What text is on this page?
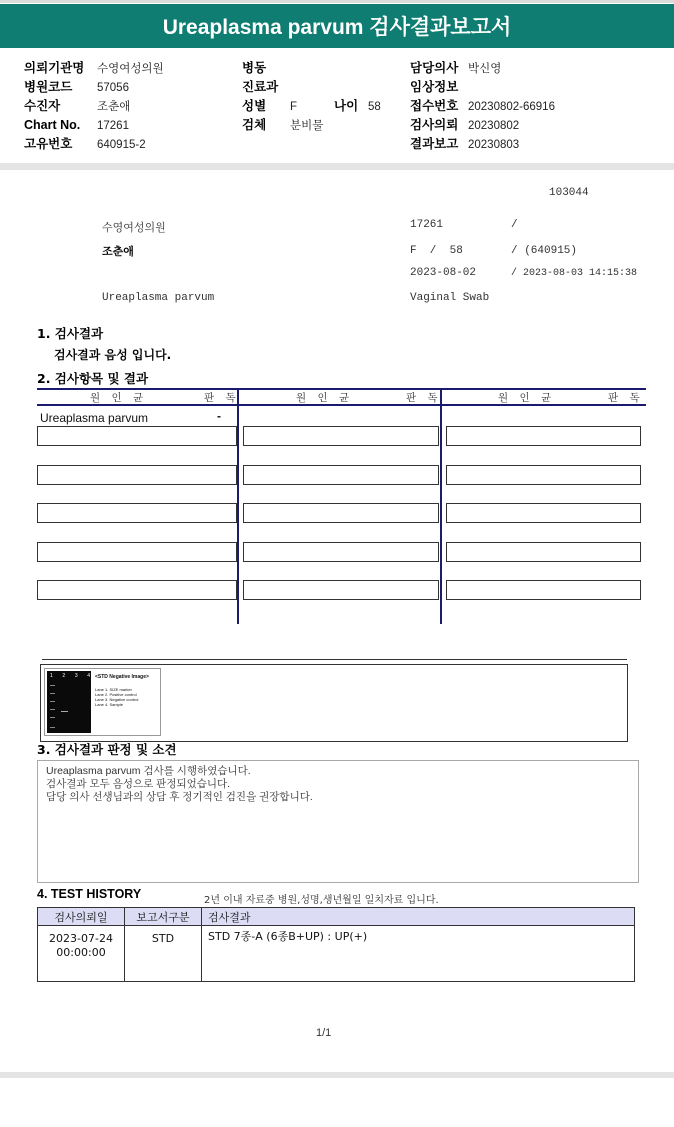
Ureaplasma parvum 검사결과보고서
의뢰기관명 수영여성의원
병원코드 57056
수진자	조춘애
Chart No. 17261
고유번호 640915-2
병동
진료과
성별 F	나이 58
검체 분비물
담당의사 박신영
임상정보
접수번호 20230802-66916
검사의뢰 20230802
결과보고 20230803
103044
수영여성의원	17261	/
조춘애	F  /  58	/ (640915)
2023-08-02	/ 2023-08-03 14:15:38
Ureaplasma parvum	Vaginal Swab
1. 검사결과
검사결과 음성 입니다.
2. 검사항목 및 결과
원 인 균	판 독	원 인 균	판 독	원 인 균	판 독
Ureaplasma parvum	-
1 2 3 4 <STD Negative Image>
Lane 1. SIZE marker
Lane 2. Positive control
Lane 3. Negative control
Lane 4. Sample
3. 검사결과 판정 및 소견
Ureaplasma parvum 검사를 시행하였습니다.
검사결과 모두 음성으로 판정되었습니다.
담당 의사 선생님과의 상담 후 정기적인 검진을 권장합니다.
4. TEST HISTORY	2년 이내 자료중 병원,성명,생년월일 일치자료 입니다.
검사의뢰일	보고서구분	검사결과

2023-07-24
00:00:00	STD	STD 7종-A (6종B+UP) : UP(+)
1/1
